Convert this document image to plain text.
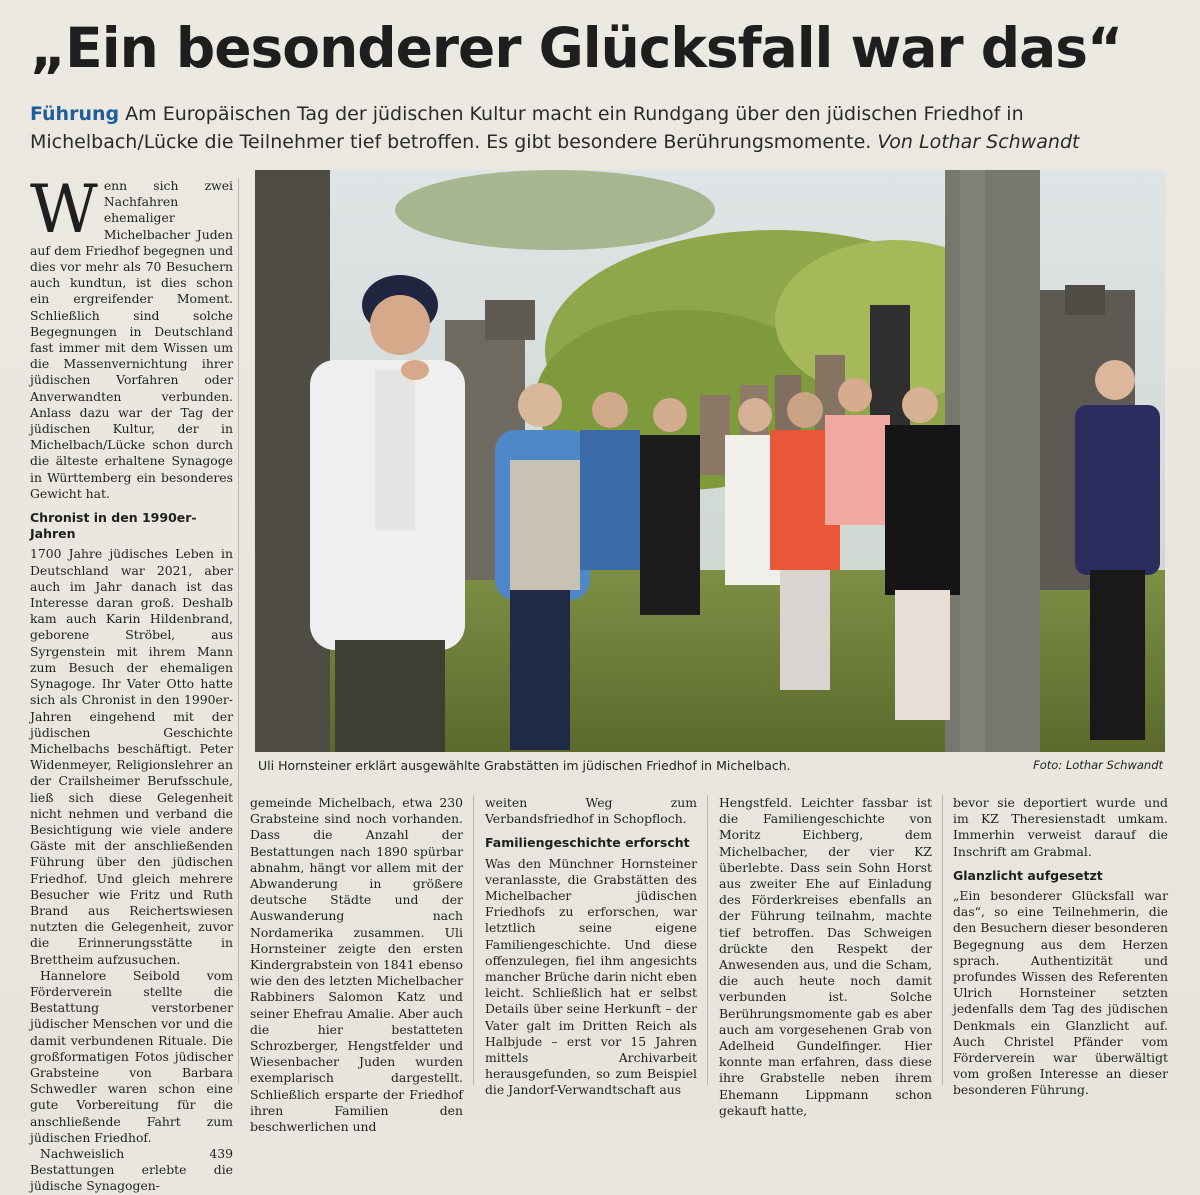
„Ein besonderer Glücksfall war das“
Führung Am Europäischen Tag der jüdischen Kultur macht ein Rundgang über den jüdischen Friedhof in Michelbach/Lücke die Teilnehmer tief betroffen. Es gibt besondere Berührungsmomente. Von Lothar Schwandt

Wenn sich zwei Nachfahren ehemaliger Michelbacher Juden auf dem Friedhof begegnen und dies vor mehr als 70 Besuchern auch kundtun, ist dies schon ein ergreifender Moment. Schließlich sind solche Begegnungen in Deutschland fast immer mit dem Wissen um die Massenvernichtung ihrer jüdischen Vorfahren oder Anverwandten verbunden. Anlass dazu war der Tag der jüdischen Kultur, der in Michelbach/Lücke schon durch die älteste erhaltene Synagoge in Württemberg ein besonderes Gewicht hat.

Chronist in den 1990er-Jahren

1700 Jahre jüdisches Leben in Deutschland war 2021, aber auch im Jahr danach ist das Interesse daran groß. Deshalb kam auch Karin Hildenbrand, geborene Ströbel, aus Syrgenstein mit ihrem Mann zum Besuch der ehemaligen Synagoge. Ihr Vater Otto hatte sich als Chronist in den 1990er-Jahren eingehend mit der jüdischen Geschichte Michelbachs beschäftigt. Peter Widenmeyer, Religionslehrer an der Crailsheimer Berufsschule, ließ sich diese Gelegenheit nicht nehmen und verband die Besichtigung wie viele andere Gäste mit der anschließenden Führung über den jüdischen Friedhof. Und gleich mehrere Besucher wie Fritz und Ruth Brand aus Reichertswiesen nutzten die Gelegenheit, zuvor die Erinnerungsstätte in Brettheim aufzusuchen.

Hannelore Seibold vom Förderverein stellte die Bestattung verstorbener jüdischer Menschen vor und die damit verbundenen Rituale. Die großformatigen Fotos jüdischer Grabsteine von Barbara Schwedler waren schon eine gute Vorbereitung für die anschließende Fahrt zum jüdischen Friedhof.

Nachweislich 439 Bestattungen erlebte die jüdische Synagogen-

Uli Hornsteiner erklärt ausgewählte Grabstätten im jüdischen Friedhof in Michelbach.	Foto: Lothar Schwandt

gemeinde Michelbach, etwa 230 Grabsteine sind noch vorhanden. Dass die Anzahl der Bestattungen nach 1890 spürbar abnahm, hängt vor allem mit der Abwanderung in größere deutsche Städte und der Auswanderung nach Nordamerika zusammen. Uli Hornsteiner zeigte den ersten Kindergrabstein von 1841 ebenso wie den des letzten Michelbacher Rabbiners Salomon Katz und seiner Ehefrau Amalie. Aber auch die hier bestatteten Schrozberger, Hengstfelder und Wiesenbacher Juden wurden exemplarisch dargestellt. Schließlich ersparte der Friedhof ihren Familien den beschwerlichen und

weiten Weg zum Verbandsfriedhof in Schopfloch.

Familiengeschichte erforscht

Was den Münchner Hornsteiner veranlasste, die Grabstätten des Michelbacher jüdischen Friedhofs zu erforschen, war letztlich seine eigene Familiengeschichte. Und diese offenzulegen, fiel ihm angesichts mancher Brüche darin nicht eben leicht. Schließlich hat er selbst Details über seine Herkunft – der Vater galt im Dritten Reich als Halbjude – erst vor 15 Jahren mittels Archivarbeit herausgefunden, so zum Beispiel die Jandorf-Verwandtschaft aus

Hengstfeld. Leichter fassbar ist die Familiengeschichte von Moritz Eichberg, dem Michelbacher, der vier KZ überlebte. Dass sein Sohn Horst aus zweiter Ehe auf Einladung des Förderkreises ebenfalls an der Führung teilnahm, machte tief betroffen. Das Schweigen drückte den Respekt der Anwesenden aus, und die Scham, die auch heute noch damit verbunden ist. Solche Berührungsmomente gab es aber auch am vorgesehenen Grab von Adelheid Gundelfinger. Hier konnte man erfahren, dass diese ihre Grabstelle neben ihrem Ehemann Lippmann schon gekauft hatte,

bevor sie deportiert wurde und im KZ Theresienstadt umkam. Immerhin verweist darauf die Inschrift am Grabmal.

Glanzlicht aufgesetzt

„Ein besonderer Glücksfall war das“, so eine Teilnehmerin, die den Besuchern dieser besonderen Begegnung aus dem Herzen sprach. Authentizität und profundes Wissen des Referenten Ulrich Hornsteiner setzten jedenfalls dem Tag des jüdischen Denkmals ein Glanzlicht auf. Auch Christel Pfänder vom Förderverein war überwältigt vom großen Interesse an dieser besonderen Führung.
